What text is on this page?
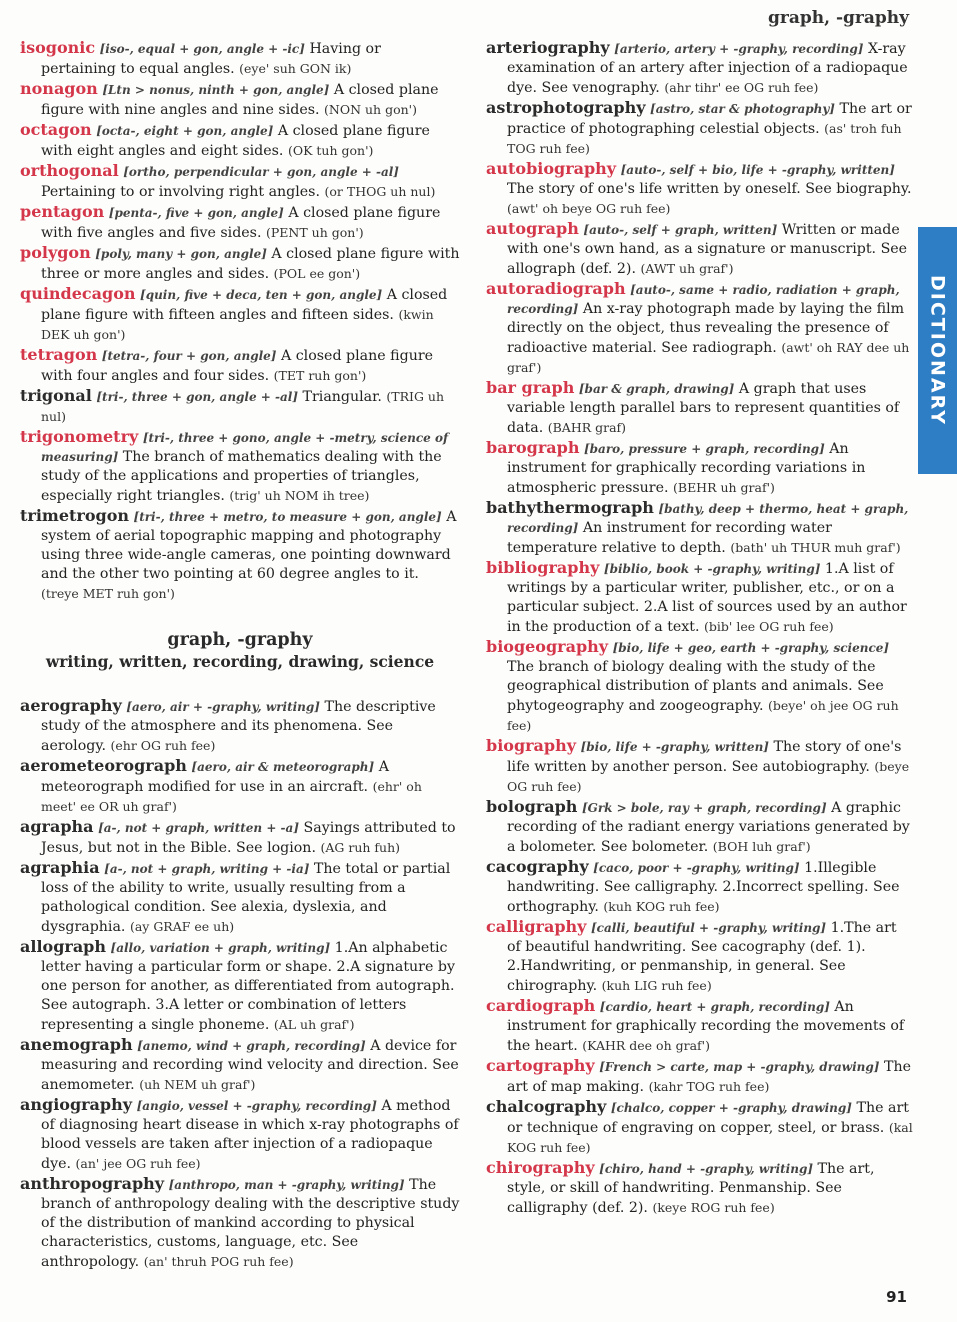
graph, -graphy
isogonic [iso-, equal + gon, angle + -ic] Having or pertaining to equal angles. (eye' suh GON ik)
nonagon [Ltn > nonus, ninth + gon, angle] A closed plane figure with nine angles and nine sides. (NON uh gon')
octagon [octa-, eight + gon, angle] A closed plane figure with eight angles and eight sides. (OK tuh gon')
orthogonal [ortho, perpendicular + gon, angle + -al] Pertaining to or involving right angles. (or THOG uh nul)
pentagon [penta-, five + gon, angle] A closed plane figure with five angles and five sides. (PENT uh gon')
polygon [poly, many + gon, angle] A closed plane figure with three or more angles and sides. (POL ee gon')
quindecagon [quin, five + deca, ten + gon, angle] A closed plane figure with fifteen angles and fifteen sides. (kwin DEK uh gon')
tetragon [tetra-, four + gon, angle] A closed plane figure with four angles and four sides. (TET ruh gon')
trigonal [tri-, three + gon, angle + -al] Triangular. (TRIG uh nul)
trigonometry [tri-, three + gono, angle + -metry, science of measuring] The branch of mathematics dealing with the study of the applications and properties of triangles, especially right triangles. (trig' uh NOM ih tree)
trimetrogon [tri-, three + metro, to measure + gon, angle] A system of aerial topographic mapping and photography using three wide-angle cameras, one pointing downward and the other two pointing at 60 degree angles to it. (treye MET ruh gon')
graph, -graphy
writing, written, recording, drawing, science
aerography [aero, air + -graphy, writing] The descriptive study of the atmosphere and its phenomena. See aerology. (ehr OG ruh fee)
aerometeorograph [aero, air & meteorograph] A meteorograph modified for use in an aircraft. (ehr' oh meet' ee OR uh graf')
agrapha [a-, not + graph, written + -a] Sayings attributed to Jesus, but not in the Bible. See logion. (AG ruh fuh)
agraphia [a-, not + graph, writing + -ia] The total or partial loss of the ability to write, usually resulting from a pathological condition. See alexia, dyslexia, and dysgraphia. (ay GRAF ee uh)
allograph [allo, variation + graph, writing] 1.An alphabetic letter having a particular form or shape. 2.A signature by one person for another, as differentiated from autograph. See autograph. 3.A letter or combination of letters representing a single phoneme. (AL uh graf')
anemograph [anemo, wind + graph, recording] A device for measuring and recording wind velocity and direction. See anemometer. (uh NEM uh graf')
angiography [angio, vessel + -graphy, recording] A method of diagnosing heart disease in which x-ray photographs of blood vessels are taken after injection of a radiopaque dye. (an' jee OG ruh fee)
anthropography [anthropo, man + -graphy, writing] The branch of anthropology dealing with the descriptive study of the distribution of mankind according to physical characteristics, customs, language, etc. See anthropology. (an' thruh POG ruh fee)
arteriography [arterio, artery + -graphy, recording] X-ray examination of an artery after injection of a radiopaque dye. See venography. (ahr tihr' ee OG ruh fee)
astrophotography [astro, star & photography] The art or practice of photographing celestial objects. (as' troh fuh TOG ruh fee)
autobiography [auto-, self + bio, life + -graphy, written] The story of one's life written by oneself. See biography. (awt' oh beye OG ruh fee)
autograph [auto-, self + graph, written] Written or made with one's own hand, as a signature or manuscript. See allograph (def. 2). (AWT uh graf')
autoradiograph [auto-, same + radio, radiation + graph, recording] An x-ray photograph made by laying the film directly on the object, thus revealing the presence of radioactive material. See radiograph. (awt' oh RAY dee uh graf')
bar graph [bar & graph, drawing] A graph that uses variable length parallel bars to represent quantities of data. (BAHR graf)
barograph [baro, pressure + graph, recording] An instrument for graphically recording variations in atmospheric pressure. (BEHR uh graf')
bathythermograph [bathy, deep + thermo, heat + graph, recording] An instrument for recording water temperature relative to depth. (bath' uh THUR muh graf')
bibliography [biblio, book + -graphy, writing] 1.A list of writings by a particular writer, publisher, etc., or on a particular subject. 2.A list of sources used by an author in the production of a text. (bib' lee OG ruh fee)
biogeography [bio, life + geo, earth + -graphy, science] The branch of biology dealing with the study of the geographical distribution of plants and animals. See phytogeography and zoogeography. (beye' oh jee OG ruh fee)
biography [bio, life + -graphy, written] The story of one's life written by another person. See autobiography. (beye OG ruh fee)
bolograph [Grk > bole, ray + graph, recording] A graphic recording of the radiant energy variations generated by a bolometer. See bolometer. (BOH luh graf')
cacography [caco, poor + -graphy, writing] 1.Illegible handwriting. See calligraphy. 2.Incorrect spelling. See orthography. (kuh KOG ruh fee)
calligraphy [calli, beautiful + -graphy, writing] 1.The art of beautiful handwriting. See cacography (def. 1). 2.Handwriting, or penmanship, in general. See chirography. (kuh LIG ruh fee)
cardiograph [cardio, heart + graph, recording] An instrument for graphically recording the movements of the heart. (KAHR dee oh graf')
cartography [French > carte, map + -graphy, drawing] The art of map making. (kahr TOG ruh fee)
chalcography [chalco, copper + -graphy, drawing] The art or technique of engraving on copper, steel, or brass. (kal KOG ruh fee)
chirography [chiro, hand + -graphy, writing] The art, style, or skill of handwriting. Penmanship. See calligraphy (def. 2). (keye ROG ruh fee)
DICTIONARY
91
